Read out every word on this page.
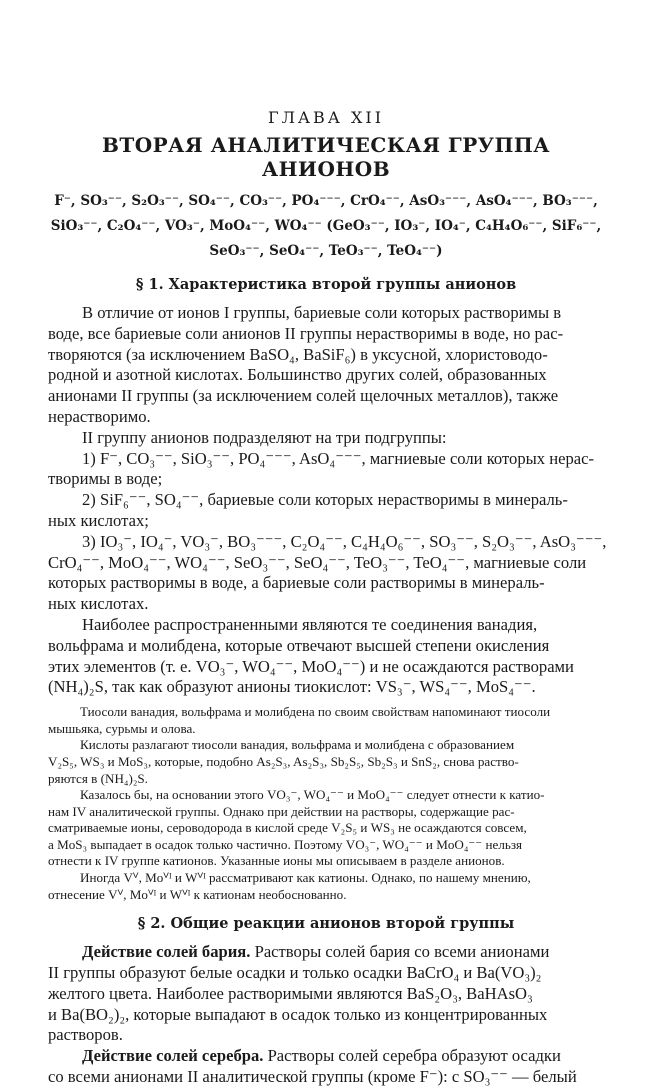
ГЛАВА XII

ВТОРАЯ АНАЛИТИЧЕСКАЯ ГРУППА АНИОНОВ

F⁻, SO₃⁻⁻, S₂O₃⁻⁻, SO₄⁻⁻, CO₃⁻⁻, PO₄⁻⁻⁻, CrO₄⁻⁻, AsO₃⁻⁻⁻, AsO₄⁻⁻⁻, BO₃⁻⁻⁻,

SiO₃⁻⁻, C₂O₄⁻⁻, VO₃⁻, MoO₄⁻⁻, WO₄⁻⁻ (GeO₃⁻⁻, IO₃⁻, IO₄⁻, C₄H₄O₆⁻⁻, SiF₆⁻⁻,

SeO₃⁻⁻, SeO₄⁻⁻, TeO₃⁻⁻, TeO₄⁻⁻)

§ 1. Характеристика второй группы анионов

В отличие от ионов I группы, бариевые соли которых растворимы в

воде, все бариевые соли анионов II группы нерастворимы в воде, но рас-

творяются (за исключением BaSO₄, BaSiF₆) в уксусной, хлористоводо-

родной и азотной кислотах. Большинство других солей, образованных

анионами II группы (за исключением солей щелочных металлов), также

нерастворимо.

II группу анионов подразделяют на три подгруппы:

1) F⁻, CO₃⁻⁻, SiO₃⁻⁻, PO₄⁻⁻⁻, AsO₄⁻⁻⁻, магниевые соли которых нерас-

творимы в воде;

2) SiF₆⁻⁻, SO₄⁻⁻, бариевые соли которых нерастворимы в минераль-

ных кислотах;

3) IO₃⁻, IO₄⁻, VO₃⁻, BO₃⁻⁻⁻, C₂O₄⁻⁻, C₄H₄O₆⁻⁻, SO₃⁻⁻, S₂O₃⁻⁻, AsO₃⁻⁻⁻,

CrO₄⁻⁻, MoO₄⁻⁻, WO₄⁻⁻, SeO₃⁻⁻, SeO₄⁻⁻, TeO₃⁻⁻, TeO₄⁻⁻, магниевые соли

которых растворимы в воде, а бариевые соли растворимы в минераль-

ных кислотах.

Наиболее распространенными являются те соединения ванадия,

вольфрама и молибдена, которые отвечают высшей степени окисления

этих элементов (т. е. VO₃⁻, WO₄⁻⁻, MoO₄⁻⁻) и не осаждаются растворами

(NH₄)₂S, так как образуют анионы тиокислот: VS₃⁻, WS₄⁻⁻, MoS₄⁻⁻.

Тиосоли ванадия, вольфрама и молибдена по своим свойствам напоминают тиосоли

мышьяка, сурьмы и олова.

Кислоты разлагают тиосоли ванадия, вольфрама и молибдена с образованием

V₂S₅, WS₃ и MoS₃, которые, подобно As₂S₃, As₂S₃, Sb₂S₅, Sb₂S₃ и SnS₂, снова раство-

ряются в (NH₄)₂S.

Казалось бы, на основании этого VO₃⁻, WO₄⁻⁻ и MoO₄⁻⁻ следует отнести к катио-

нам IV аналитической группы. Однако при действии на растворы, содержащие рас-

сматриваемые ионы, сероводорода в кислой среде V₂S₅ и WS₃ не осаждаются совсем,

а MoS₃ выпадает в осадок только частично. Поэтому VO₃⁻, WO₄⁻⁻ и MoO₄⁻⁻ нельзя

отнести к IV группе катионов. Указанные ионы мы описываем в разделе анионов.

Иногда Vⱽ, Moⱽᴵ и Wⱽᴵ рассматривают как катионы. Однако, по нашему мнению,

отнесение Vⱽ, Moⱽᴵ и Wⱽᴵ к катионам необоснованно.

§ 2. Общие реакции анионов второй группы

Действие солей бария. Растворы солей бария со всеми анионами

II группы образуют белые осадки и только осадки BaCrO₄ и Ba(VO₃)₂

желтого цвета. Наиболее растворимыми являются BaS₂O₃, BaHAsO₃

и Ba(BO₂)₂, которые выпадают в осадок только из концентрированных

растворов.

Действие солей серебра. Растворы солей серебра образуют осадки

со всеми анионами II аналитической группы (кроме F⁻): с SO₃⁻⁻ — белый
